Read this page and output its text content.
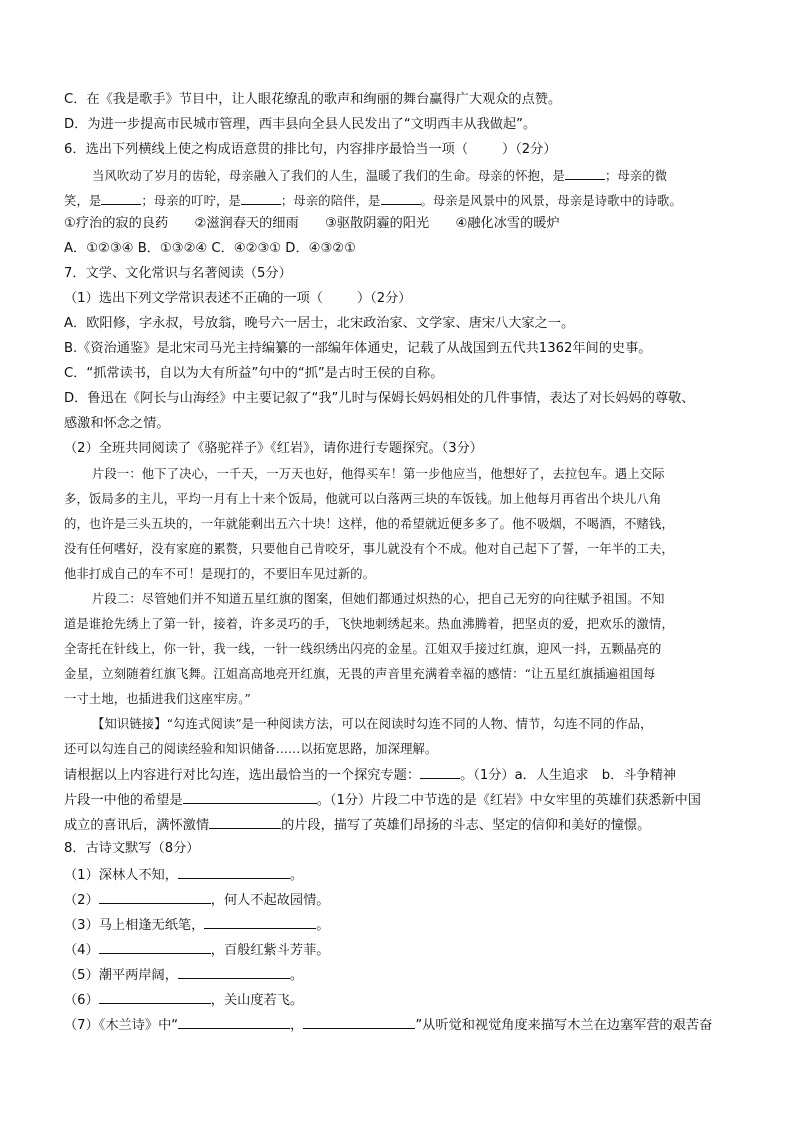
C．在《我是歌手》节目中，让人眼花缭乱的歌声和绚丽的舞台赢得广大观众的点赞。
D．为进一步提高市民城市管理，西丰县向全县人民发出了“文明西丰从我做起”。
6．选出下列横线上使之构成语意贯的排比句，内容排序最恰当一项（	）（2分）
当风吹动了岁月的齿轮，母亲融入了我们的人生，温暖了我们的生命。母亲的怀抱，是	；母亲的微
笑，是	；母亲的叮咛，是	；母亲的陪伴，是	。母亲是风景中的风景，母亲是诗歌中的诗歌。
①疗治的寂的良药　　②滋润春天的细雨　　③驱散阴霾的阳光　　④融化冰雪的暖炉
A．①②③④ B．①③②④ C．④②③① D．④③②①
7．文学、文化常识与名著阅读（5分）
（1）选出下列文学常识表述不正确的一项（	）（2分）
A．欧阳修，字永叔，号放翁，晚号六一居士，北宋政治家、文学家、唐宋八大家之一。
B.《资治通鉴》是北宋司马光主持编纂的一部编年体通史，记载了从战国到五代共1362年间的史事。
C．“抓常读书，自以为大有所益”句中的“抓”是古时王侯的自称。
D．鲁迅在《阿长与山海经》中主要记叙了“我”儿时与保姆长妈妈相处的几件事情，表达了对长妈妈的尊敬、
感激和怀念之情。
（2）全班共同阅读了《骆驼祥子》《红岩》，请你进行专题探究。（3分）
片段一：他下了决心，一千天，一万天也好，他得买车！第一步他应当，他想好了，去拉包车。遇上交际
多，饭局多的主儿，平均一月有上十来个饭局，他就可以白落两三块的车饭钱。加上他每月再省出个块儿八角
的，也许是三头五块的，一年就能剩出五六十块！这样，他的希望就近便多多了。他不吸烟，不喝酒，不赌钱，
没有任何嗜好，没有家庭的累赘，只要他自己肯咬牙，事儿就没有个不成。他对自己起下了誓，一年半的工夫，
他非打成自己的车不可！是现打的，不要旧车见过新的。
片段二：尽管她们并不知道五星红旗的图案，但她们都通过炽热的心，把自己无穷的向往赋予祖国。不知
道是谁抢先绣上了第一针，接着，许多灵巧的手，飞快地刺绣起来。热血沸腾着，把坚贞的爱，把欢乐的激情，
全寄托在针线上，你一针，我一线，一针一线织绣出闪亮的金星。江姐双手接过红旗，迎风一抖，五颗晶亮的
金星，立刻随着红旗飞舞。江姐高高地亮开红旗，无畏的声音里充满着幸福的感情：“让五星红旗插遍祖国每
一寸土地，也插进我们这座牢房。”
【知识链接】“勾连式阅读”是一种阅读方法，可以在阅读时勾连不同的人物、情节，勾连不同的作品，
还可以勾连自己的阅读经验和知识储备……以拓宽思路，加深理解。
请根据以上内容进行对比勾连，选出最恰当的一个探究专题：	。（1分）a．人生追求　b．斗争精神
片段一中他的希望是	。（1分）片段二中节选的是《红岩》中女牢里的英雄们获悉新中国
成立的喜讯后，满怀激情	的片段，描写了英雄们昂扬的斗志、坚定的信仰和美好的憧憬。
8．古诗文默写（8分）
（1）深林人不知，	。
（2）	，何人不起故园情。
（3）马上相逢无纸笔，	。
（4）	，百般红紫斗芳菲。
（5）潮平两岸阔，	。
（6）	，关山度若飞。
（7）《木兰诗》中“	，	”从听觉和视觉角度来描写木兰在边塞军营的艰苦奋
